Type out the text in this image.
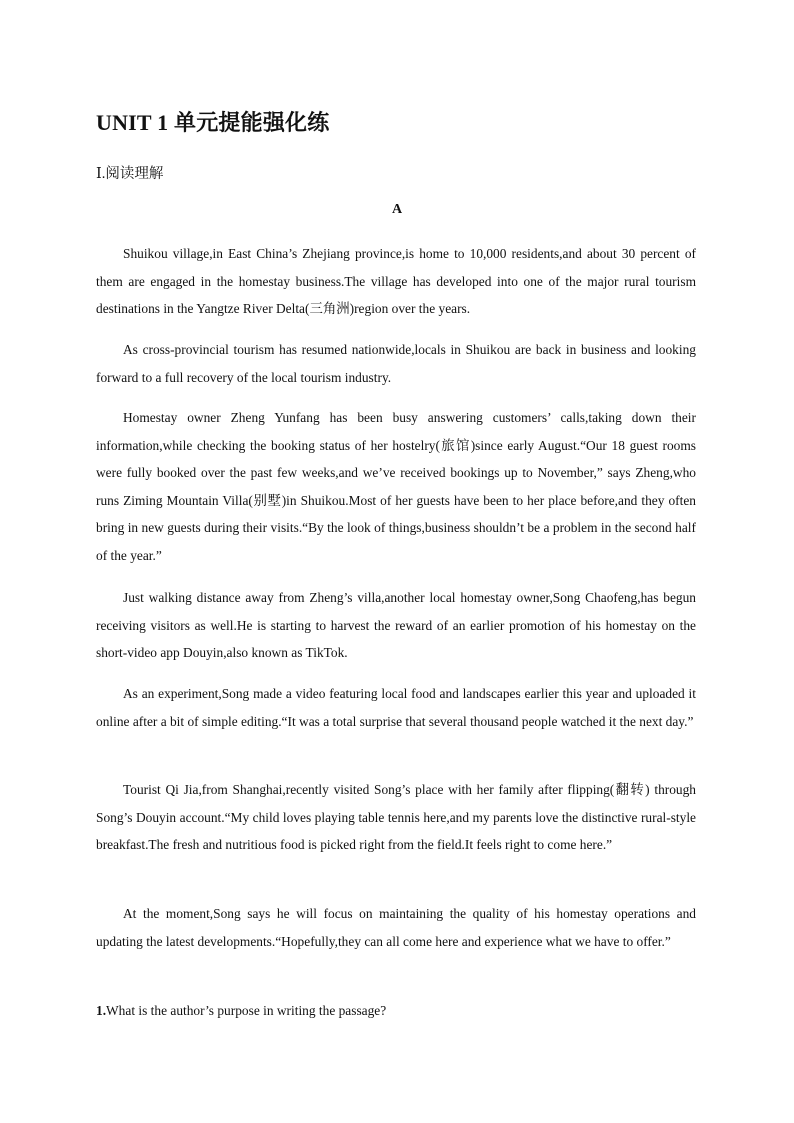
UNIT 1 单元提能强化练
Ⅰ.阅读理解
A

Shuikou village,in East China’s Zhejiang province,is home to 10,000 residents,and about 30 percent of them are engaged in the homestay business.The village has developed into one of the major rural tourism destinations in the Yangtze River Delta(三角洲)region over the years.

As cross-provincial tourism has resumed nationwide,locals in Shuikou are back in business and looking forward to a full recovery of the local tourism industry.

Homestay owner Zheng Yunfang has been busy answering customers’ calls,taking down their information,while checking the booking status of her hostelry(旅馆)since early August.“Our 18 guest rooms were fully booked over the past few weeks,and we’ve received bookings up to November,” says Zheng,who runs Ziming Mountain Villa(别墅)in Shuikou.Most of her guests have been to her place before,and they often bring in new guests during their visits.“By the look of things,business shouldn’t be a problem in the second half of the year.”

Just walking distance away from Zheng’s villa,another local homestay owner,Song Chaofeng,has begun receiving visitors as well.He is starting to harvest the reward of an earlier promotion of his homestay on the short-video app Douyin,also known as TikTok.

As an experiment,Song made a video featuring local food and landscapes earlier this year and uploaded it online after a bit of simple editing.“It was a total surprise that several thousand people watched it the next day.”

Tourist Qi Jia,from Shanghai,recently visited Song’s place with her family after flipping(翻转) through Song’s Douyin account.“My child loves playing table tennis here,and my parents love the distinctive rural-style breakfast.The fresh and nutritious food is picked right from the field.It feels right to come here.”

At the moment,Song says he will focus on maintaining the quality of his homestay operations and updating the latest developments.“Hopefully,they can all come here and experience what we have to offer.”

1.What is the author’s purpose in writing the passage?
